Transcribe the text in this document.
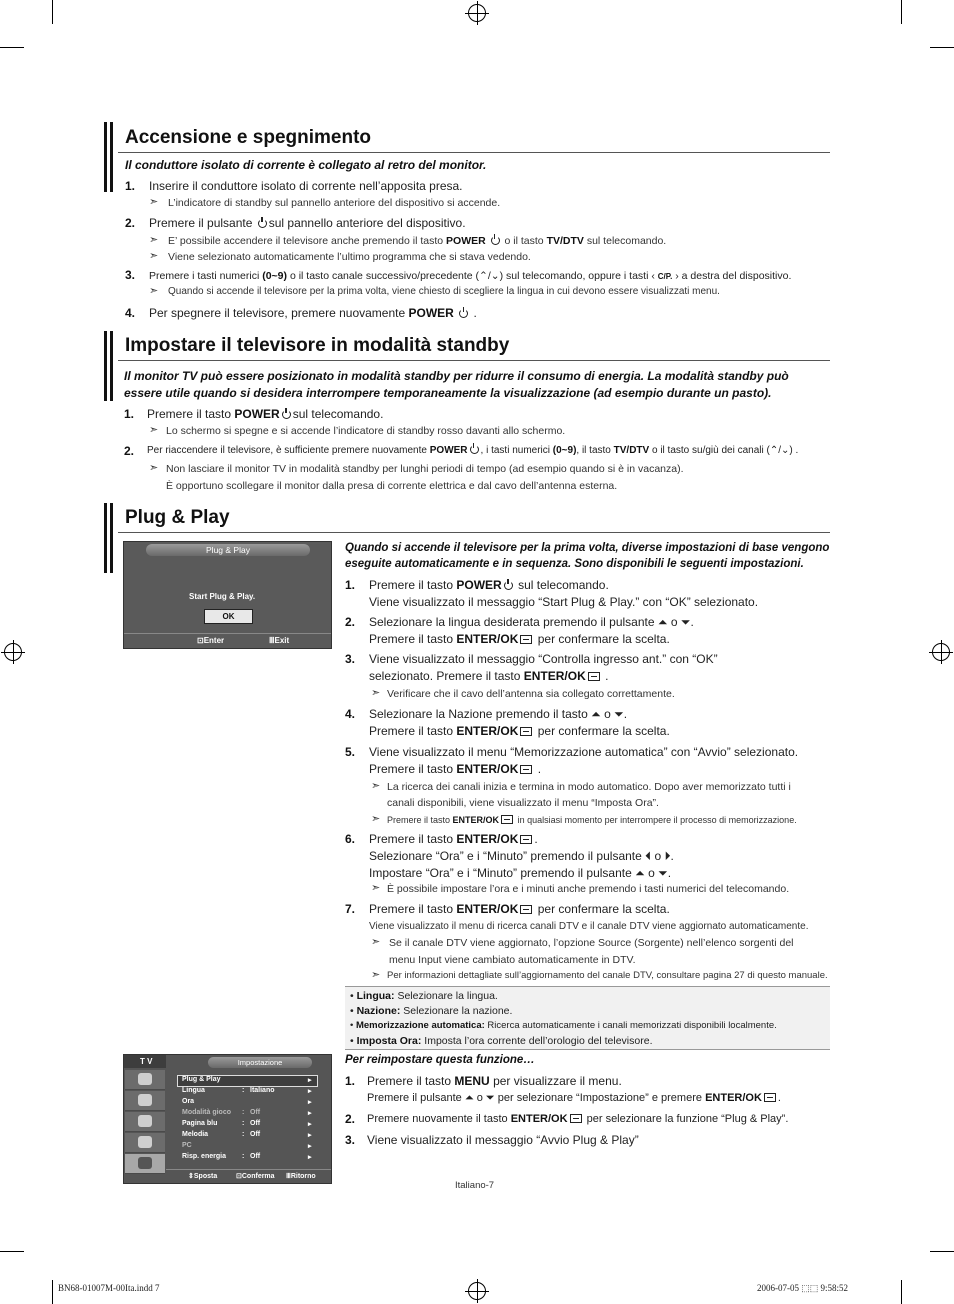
Accensione e spegnimento
Il conduttore isolato di corrente è collegato al retro del monitor.
1. Inserire il conduttore isolato di corrente nell’apposita presa.
➣ L’indicatore di standby sul pannello anteriore del dispositivo si accende.
2. Premere il pulsante sul pannello anteriore del dispositivo.
➣ E’ possibile accendere il televisore anche premendo il tasto POWER o il tasto TV/DTV sul telecomando.
➣ Viene selezionato automaticamente l’ultimo programma che si stava vedendo.
3. Premere i tasti numerici (0~9) o il tasto canale successivo/precedente (⌃/⌄) sul telecomando, oppure i tasti ‹ C/P. › a destra del dispositivo.
➣ Quando si accende il televisore per la prima volta, viene chiesto di scegliere la lingua in cui devono essere visualizzati menu.
4. Per spegnere il televisore, premere nuovamente POWER .
Impostare il televisore in modalità standby
Il monitor TV può essere posizionato in modalità standby per ridurre il consumo di energia. La modalità standby può
essere utile quando si desidera interrompere temporaneamente la visualizzazione (ad esempio durante un pasto).
1. Premere il tasto POWER sul telecomando.
➣ Lo schermo si spegne e si accende l’indicatore di standby rosso davanti allo schermo.
2. Per riaccendere il televisore, è sufficiente premere nuovamente POWER , i tasti numerici (0~9), il tasto TV/DTV o il tasto su/giù dei canali (⌃/⌄) .
➣ Non lasciare il monitor TV in modalità standby per lunghi periodi di tempo (ad esempio quando si è in vacanza).
È opportuno scollegare il monitor dalla presa di corrente elettrica e dal cavo dell’antenna esterna.
Plug & Play
Plug & Play
Start Plug & Play.
OK
⊡Enter	ⅢExit
Quando si accende il televisore per la prima volta, diverse impostazioni di base vengono
eseguite automaticamente e in sequenza. Sono disponibili le seguenti impostazioni.
1. Premere il tasto POWER sul telecomando.
Viene visualizzato il messaggio “Start Plug & Play.” con “OK” selezionato.
2. Selezionare la lingua desiderata premendo il pulsante ⏶ o ⏷.
Premere il tasto ENTER/OK per confermare la scelta.
3. Viene visualizzato il messaggio “Controlla ingresso ant.” con “OK”
selezionato. Premere il tasto ENTER/OK .
➣ Verificare che il cavo dell’antenna sia collegato correttamente.
4. Selezionare la Nazione premendo il tasto ⏶ o ⏷.
Premere il tasto ENTER/OK per confermare la scelta.
5. Viene visualizzato il menu “Memorizzazione automatica” con “Avvio” selezionato.
Premere il tasto ENTER/OK .
➣ La ricerca dei canali inizia e termina in modo automatico. Dopo aver memorizzato tutti i
canali disponibili, viene visualizzato il menu “Imposta Ora”.
➣ Premere il tasto ENTER/OK in qualsiasi momento per interrompere il processo di memorizzazione.
6. Premere il tasto ENTER/OK .
Selezionare “Ora” e i “Minuto” premendo il pulsante ⏴ o ⏵.
Impostare “Ora” e i “Minuto” premendo il pulsante ⏶ o ⏷.
➣ È possibile impostare l’ora e i minuti anche premendo i tasti numerici del telecomando.
7. Premere il tasto ENTER/OK per confermare la scelta.
Viene visualizzato il menu di ricerca canali DTV e il canale DTV viene aggiornato automaticamente.
➣ Se il canale DTV viene aggiornato, l’opzione Source (Sorgente) nell’elenco sorgenti del
menu Input viene cambiato automaticamente in DTV.
➣ Per informazioni dettagliate sull’aggiornamento del canale DTV, consultare pagina 27 di questo manuale.
• Lingua: Selezionare la lingua.
• Nazione: Selezionare la nazione.
• Memorizzazione automatica: Ricerca automaticamente i canali memorizzati disponibili localmente.
• Imposta Ora: Imposta l’ora corrente dell’orologio del televisore.
T V	Impostazione
Plug & Play
Lingua	: Italiano
Ora
Modalità gioco : Off
Pagina blu	: Off
Melodia	: Off
PC
Risp. energia : Off
▸
▸
▸
▸
▸
▸
▸
▸
⇕Sposta	⊡Conferma ⅢRitorno
Per reimpostare questa funzione…
1. Premere il tasto MENU per visualizzare il menu.
Premere il pulsante ⏶ o ⏷ per selezionare “Impostazione” e premere ENTER/OK .
2. Premere nuovamente il tasto ENTER/OK per selezionare la funzione “Plug & Play”.
3. Viene visualizzato il messaggio “Avvio Plug & Play”
Italiano-7
BN68-01007M-00Ita.indd 7	2006-07-05 ⬚⬚ 9:58:52
